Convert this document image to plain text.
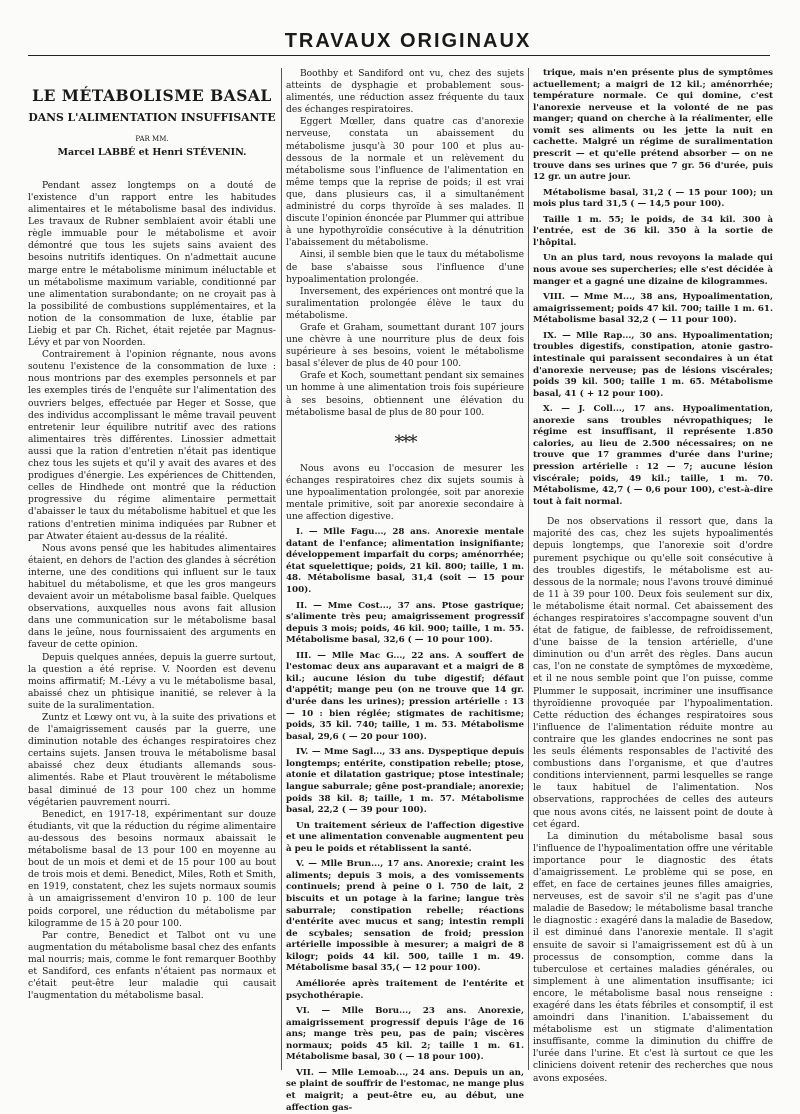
TRAVAUX ORIGINAUX
LE MÉTABOLISME BASAL
DANS L'ALIMENTATION INSUFFISANTE
PAR MM.
Marcel LABBÉ et Henri STÉVENIN.

Pendant assez longtemps on a douté de l'existence d'un rapport entre les habitudes alimentaires et le métabolisme basal des individus. Les travaux de Rubner semblaient avoir établi une règle immuable pour le métabolisme et avoir démontré que tous les sujets sains avaient des besoins nutritifs identiques. On n'admettait aucune marge entre le métabolisme minimum inéluctable et un métabolisme maximum variable, conditionné par une alimentation surabondante; on ne croyait pas à la possibilité de combustions supplémentaires, et la notion de la consommation de luxe, établie par Liebig et par Ch. Richet, était rejetée par Magnus-Lévy et par von Noorden.

Contrairement à l'opinion régnante, nous avons soutenu l'existence de la consommation de luxe : nous montrions par des exemples personnels et par les exemples tirés de l'enquête sur l'alimentation des ouvriers belges, effectuée par Heger et Sosse, que des individus accomplissant le même travail peuvent entretenir leur équilibre nutritif avec des rations alimentaires très différentes. Linossier admettait aussi que la ration d'entretien n'était pas identique chez tous les sujets et qu'il y avait des avares et des prodigues d'énergie. Les expériences de Chittenden, celles de Hindhede ont montré que la réduction progressive du régime alimentaire permettait d'abaisser le taux du métabolisme habituel et que les rations d'entretien minima indiquées par Rubner et par Atwater étaient au-dessus de la réalité.

Nous avons pensé que les habitudes alimentaires étaient, en dehors de l'action des glandes à sécrétion interne, une des conditions qui influent sur le taux habituel du métabolisme, et que les gros mangeurs devaient avoir un métabolisme basal faible. Quelques observations, auxquelles nous avons fait allusion dans une communication sur le métabolisme basal dans le jeûne, nous fournissaient des arguments en faveur de cette opinion.

Depuis quelques années, depuis la guerre surtout, la question a été reprise. V. Noorden est devenu moins affirmatif; M.-Lévy a vu le métabolisme basal, abaissé chez un phtisique inanitié, se relever à la suite de la suralimentation.

Zuntz et Lœwy ont vu, à la suite des privations et de l'amaigrissement causés par la guerre, une diminution notable des échanges respiratoires chez certains sujets. Jansen trouva le métabolisme basal abaissé chez deux étudiants allemands sous-alimentés. Rabe et Plaut trouvèrent le métabolisme basal diminué de 13 pour 100 chez un homme végétarien pauvrement nourri.

Benedict, en 1917-18, expérimentant sur douze étudiants, vit que la réduction du régime alimentaire au-dessous des besoins normaux abaissait le métabolisme basal de 13 pour 100 en moyenne au bout de un mois et demi et de 15 pour 100 au bout de trois mois et demi. Benedict, Miles, Roth et Smith, en 1919, constatent, chez les sujets normaux soumis à un amaigrissement d'environ 10 p. 100 de leur poids corporel, une réduction du métabolisme par kilogramme de 15 à 20 pour 100.

Par contre, Benedict et Talbot ont vu une augmentation du métabolisme basal chez des enfants mal nourris; mais, comme le font remarquer Boothby et Sandiford, ces enfants n'étaient pas normaux et c'était peut-être leur maladie qui causait l'augmentation du métabolisme basal.

Boothby et Sandiford ont vu, chez des sujets atteints de dysphagie et probablement sous-alimentés, une réduction assez fréquente du taux des échanges respiratoires.

Eggert Mœller, dans quatre cas d'anorexie nerveuse, constata un abaissement du métabolisme jusqu'à 30 pour 100 et plus au-dessous de la normale et un relèvement du métabolisme sous l'influence de l'alimentation en même temps que la reprise de poids; il est vrai que, dans plusieurs cas, il a simultanément administré du corps thyroïde à ses malades. Il discute l'opinion énoncée par Plummer qui attribue à une hypothyroïdie consécutive à la dénutrition l'abaissement du métabolisme.

Ainsi, il semble bien que le taux du métabolisme de base s'abaisse sous l'influence d'une hypoalimentation prolongée.

Inversement, des expériences ont montré que la suralimentation prolongée élève le taux du métabolisme.

Grafe et Graham, soumettant durant 107 jours une chèvre à une nourriture plus de deux fois supérieure à ses besoins, voient le métabolisme basal s'élever de plus de 40 pour 100.

Grafe et Koch, soumettant pendant six semaines un homme à une alimentation trois fois supérieure à ses besoins, obtiennent une élévation du métabolisme basal de plus de 80 pour 100.

***

Nous avons eu l'occasion de mesurer les échanges respiratoires chez dix sujets soumis à une hypoalimentation prolongée, soit par anorexie mentale primitive, soit par anorexie secondaire à une affection digestive.

I. — Mlle Fagu..., 28 ans. Anorexie mentale datant de l'enfance; alimentation insignifiante; développement imparfait du corps; aménorrhée; état squelettique; poids, 21 kil. 800; taille, 1 m. 48. Métabolisme basal, 31,4 (soit — 15 pour 100).

II. — Mme Cost..., 37 ans. Ptose gastrique; s'alimente très peu; amaigrissement progressif depuis 3 mois; poids, 46 kil. 900; taille, 1 m. 55. Métabolisme basal, 32,6 ( — 10 pour 100).

III. — Mlle Mac G..., 22 ans. A souffert de l'estomac deux ans auparavant et a maigri de 8 kil.; aucune lésion du tube digestif; défaut d'appétit; mange peu (on ne trouve que 14 gr. d'urée dans les urines); pression artérielle : 13 — 10 : bien réglée; stigmates de rachitisme; poids, 35 kil. 740; taille, 1 m. 53. Métabolisme basal, 29,6 ( — 20 pour 100).

IV. — Mme Sagl..., 33 ans. Dyspeptique depuis longtemps; entérite, constipation rebelle; ptose, atonie et dilatation gastrique; ptose intestinale; langue saburrale; gêne post-prandiale; anorexie; poids 38 kil. 8; taille, 1 m. 57. Métabolisme basal, 22,2 ( — 39 pour 100).

Un traitement sérieux de l'affection digestive et une alimentation convenable augmentent peu à peu le poids et rétablissent la santé.

V. — Mlle Brun..., 17 ans. Anorexie; craint les aliments; depuis 3 mois, a des vomissements continuels; prend à peine 0 l. 750 de lait, 2 biscuits et un potage à la farine; langue très saburrale; constipation rebelle; réactions d'entérite avec mucus et sang; intestin rempli de scybales; sensation de froid; pression artérielle impossible à mesurer; a maigri de 8 kilogr; poids 44 kil. 500, taille 1 m. 49. Métabolisme basal 35,( — 12 pour 100).

Améliorée après traitement de l'entérite et psychothérapie.

VI. — Mlle Boru..., 23 ans. Anorexie, amaigrissement progressif depuis l'âge de 16 ans; mange très peu, pas de pain; viscères normaux; poids 45 kil. 2; taille 1 m. 61. Métabolisme basal, 30 ( — 18 pour 100).

VII. — Mlle Lemoab..., 24 ans. Depuis un an, se plaint de souffrir de l'estomac, ne mange plus et maigrit; a peut-être eu, au début, une affection gas-

trique, mais n'en présente plus de symptômes actuellement; a maigri de 12 kil.; aménorrhée; température normale. Ce qui domine, c'est l'anorexie nerveuse et la volonté de ne pas manger; quand on cherche à la réalimenter, elle vomit ses aliments ou les jette la nuit en cachette. Malgré un régime de suralimentation prescrit — et qu'elle prétend absorber — on ne trouve dans ses urines que 7 gr. 56 d'urée, puis 12 gr. un autre jour.

Métabolisme basal, 31,2 ( — 15 pour 100); un mois plus tard 31,5 ( — 14,5 pour 100).

Taille 1 m. 55; le poids, de 34 kil. 300 à l'entrée, est de 36 kil. 350 à la sortie de l'hôpital.

Un an plus tard, nous revoyons la malade qui nous avoue ses supercheries; elle s'est décidée à manger et a gagné une dizaine de kilogrammes.

VIII. — Mme M..., 38 ans, Hypoalimentation, amaigrissement; poids 47 kil. 700; taille 1 m. 61. Métabolisme basal 32,2 ( — 11 pour 100).

IX. — Mlle Rap..., 30 ans. Hypoalimentation; troubles digestifs, constipation, atonie gastro-intestinale qui paraissent secondaires à un état d'anorexie nerveuse; pas de lésions viscérales; poids 39 kil. 500; taille 1 m. 65. Métabolisme basal, 41 ( + 12 pour 100).

X. — J. Coll..., 17 ans. Hypoalimentation, anorexie sans troubles névropathiques; le régime est insuffisant, il représente 1.850 calories, au lieu de 2.500 nécessaires; on ne trouve que 17 grammes d'urée dans l'urine; pression artérielle : 12 — 7; aucune lésion viscérale; poids, 49 kil.; taille, 1 m. 70. Métabolisme, 42,7 ( — 0,6 pour 100), c'est-à-dire tout à fait normal.

De nos observations il ressort que, dans la majorité des cas, chez les sujets hypoalimentés depuis longtemps, que l'anorexie soit d'ordre purement psychique ou qu'elle soit consécutive à des troubles digestifs, le métabolisme est au-dessous de la normale; nous l'avons trouvé diminué de 11 à 39 pour 100. Deux fois seulement sur dix, le métabolisme était normal. Cet abaissement des échanges respiratoires s'accompagne souvent d'un état de fatigue, de faiblesse, de refroidissement, d'une baisse de la tension artérielle, d'une diminution ou d'un arrêt des règles. Dans aucun cas, l'on ne constate de symptômes de myxœdème, et il ne nous semble point que l'on puisse, comme Plummer le supposait, incriminer une insuffisance thyroïdienne provoquée par l'hypoalimentation. Cette réduction des échanges respiratoires sous l'influence de l'alimentation réduite montre au contraire que les glandes endocrines ne sont pas les seuls éléments responsables de l'activité des combustions dans l'organisme, et que d'autres conditions interviennent, parmi lesquelles se range le taux habituel de l'alimentation. Nos observations, rapprochées de celles des auteurs que nous avons cités, ne laissent point de doute à cet égard.

La diminution du métabolisme basal sous l'influence de l'hypoalimentation offre une véritable importance pour le diagnostic des états d'amaigrissement. Le problème qui se pose, en effet, en face de certaines jeunes filles amaigries, nerveuses, est de savoir s'il ne s'agit pas d'une maladie de Basedow; le métabolisme basal tranche le diagnostic : exagéré dans la maladie de Basedow, il est diminué dans l'anorexie mentale. Il s'agit ensuite de savoir si l'amaigrissement est dû à un processus de consomption, comme dans la tuberculose et certaines maladies générales, ou simplement à une alimentation insuffisante; ici encore, le métabolisme basal nous renseigne : exagéré dans les états fébriles et consomptif, il est amoindri dans l'inanition. L'abaissement du métabolisme est un stigmate d'alimentation insuffisante, comme la diminution du chiffre de l'urée dans l'urine. Et c'est là surtout ce que les cliniciens doivent retenir des recherches que nous avons exposées.
